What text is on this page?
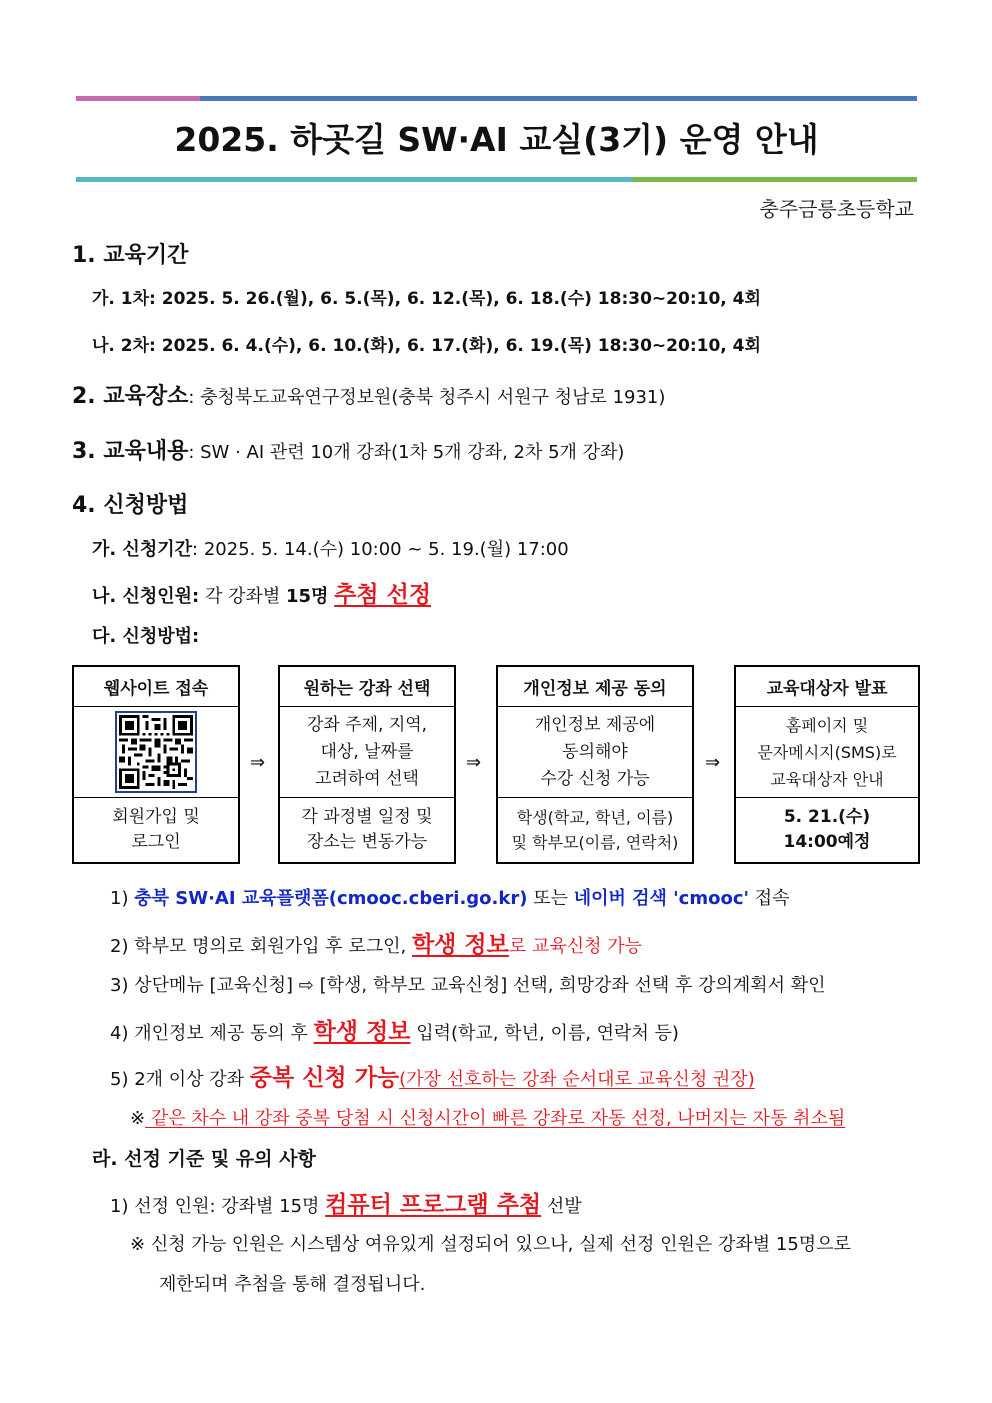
2025. 하곳길 SW·AI 교실(3기) 운영 안내
충주금릉초등학교
1. 교육기간
가. 1차: 2025. 5. 26.(월), 6. 5.(목), 6. 12.(목), 6. 18.(수) 18:30~20:10, 4회
나. 2차: 2025. 6. 4.(수), 6. 10.(화), 6. 17.(화), 6. 19.(목) 18:30~20:10, 4회
2. 교육장소: 충청북도교육연구정보원(충북 청주시 서원구 청남로 1931)
3. 교육내용: SW · AI 관련 10개 강좌(1차 5개 강좌, 2차 5개 강좌)
4. 신청방법
가. 신청기간: 2025. 5. 14.(수) 10:00 ~ 5. 19.(월) 17:00
나. 신청인원: 각 강좌별 15명 추첨 선정
다. 신청방법:
웹사이트 접속
회원가입 및
로그인
⇒
원하는 강좌 선택
강좌 주제, 지역,
대상, 날짜를
고려하여 선택
각 과정별 일정 및
장소는 변동가능
⇒
개인정보 제공 동의
개인정보 제공에
동의해야
수강 신청 가능
학생(학교, 학년, 이름)
및 학부모(이름, 연락처)
⇒
교육대상자 발표
홈페이지 및
문자메시지(SMS)로
교육대상자 안내
5. 21.(수)
14:00예정
1) 충북 SW·AI 교육플랫폼(cmooc.cberi.go.kr) 또는 네이버 검색 'cmooc' 접속
2) 학부모 명의로 회원가입 후 로그인, 학생 정보로 교육신청 가능
3) 상단메뉴 [교육신청] ⇨ [학생, 학부모 교육신청] 선택, 희망강좌 선택 후 강의계획서 확인
4) 개인정보 제공 동의 후 학생 정보 입력(학교, 학년, 이름, 연락처 등)
5) 2개 이상 강좌 중복 신청 가능(가장 선호하는 강좌 순서대로 교육신청 권장)
※ 같은 차수 내 강좌 중복 당첨 시 신청시간이 빠른 강좌로 자동 선정, 나머지는 자동 취소됨
라. 선정 기준 및 유의 사항
1) 선정 인원: 강좌별 15명 컴퓨터 프로그램 추첨 선발
※ 신청 가능 인원은 시스템상 여유있게 설정되어 있으나, 실제 선정 인원은 강좌별 15명으로
제한되며 추첨을 통해 결정됩니다.
